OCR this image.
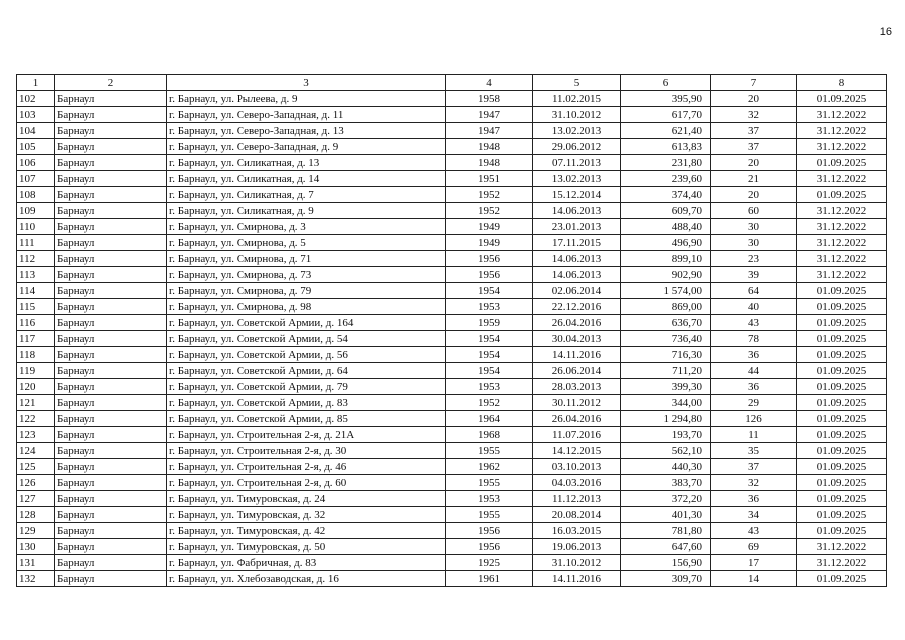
16
1	2	3	4	5	6	7	8
102	Барнаул	г. Барнаул, ул. Рылеева, д. 9	1958	11.02.2015	395,90	20	01.09.2025
103	Барнаул	г. Барнаул, ул. Северо-Западная, д. 11	1947	31.10.2012	617,70	32	31.12.2022
104	Барнаул	г. Барнаул, ул. Северо-Западная, д. 13	1947	13.02.2013	621,40	37	31.12.2022
105	Барнаул	г. Барнаул, ул. Северо-Западная, д. 9	1948	29.06.2012	613,83	37	31.12.2022
106	Барнаул	г. Барнаул, ул. Силикатная, д. 13	1948	07.11.2013	231,80	20	01.09.2025
107	Барнаул	г. Барнаул, ул. Силикатная, д. 14	1951	13.02.2013	239,60	21	31.12.2022
108	Барнаул	г. Барнаул, ул. Силикатная, д. 7	1952	15.12.2014	374,40	20	01.09.2025
109	Барнаул	г. Барнаул, ул. Силикатная, д. 9	1952	14.06.2013	609,70	60	31.12.2022
110	Барнаул	г. Барнаул, ул. Смирнова, д. 3	1949	23.01.2013	488,40	30	31.12.2022
111	Барнаул	г. Барнаул, ул. Смирнова, д. 5	1949	17.11.2015	496,90	30	31.12.2022
112	Барнаул	г. Барнаул, ул. Смирнова, д. 71	1956	14.06.2013	899,10	23	31.12.2022
113	Барнаул	г. Барнаул, ул. Смирнова, д. 73	1956	14.06.2013	902,90	39	31.12.2022
114	Барнаул	г. Барнаул, ул. Смирнова, д. 79	1954	02.06.2014	1 574,00	64	01.09.2025
115	Барнаул	г. Барнаул, ул. Смирнова, д. 98	1953	22.12.2016	869,00	40	01.09.2025
116	Барнаул	г. Барнаул, ул. Советской Армии, д. 164	1959	26.04.2016	636,70	43	01.09.2025
117	Барнаул	г. Барнаул, ул. Советской Армии, д. 54	1954	30.04.2013	736,40	78	01.09.2025
118	Барнаул	г. Барнаул, ул. Советской Армии, д. 56	1954	14.11.2016	716,30	36	01.09.2025
119	Барнаул	г. Барнаул, ул. Советской Армии, д. 64	1954	26.06.2014	711,20	44	01.09.2025
120	Барнаул	г. Барнаул, ул. Советской Армии, д. 79	1953	28.03.2013	399,30	36	01.09.2025
121	Барнаул	г. Барнаул, ул. Советской Армии, д. 83	1952	30.11.2012	344,00	29	01.09.2025
122	Барнаул	г. Барнаул, ул. Советской Армии, д. 85	1964	26.04.2016	1 294,80	126	01.09.2025
123	Барнаул	г. Барнаул, ул. Строительная 2-я, д. 21А	1968	11.07.2016	193,70	11	01.09.2025
124	Барнаул	г. Барнаул, ул. Строительная 2-я, д. 30	1955	14.12.2015	562,10	35	01.09.2025
125	Барнаул	г. Барнаул, ул. Строительная 2-я, д. 46	1962	03.10.2013	440,30	37	01.09.2025
126	Барнаул	г. Барнаул, ул. Строительная 2-я, д. 60	1955	04.03.2016	383,70	32	01.09.2025
127	Барнаул	г. Барнаул, ул. Тимуровская, д. 24	1953	11.12.2013	372,20	36	01.09.2025
128	Барнаул	г. Барнаул, ул. Тимуровская, д. 32	1955	20.08.2014	401,30	34	01.09.2025
129	Барнаул	г. Барнаул, ул. Тимуровская, д. 42	1956	16.03.2015	781,80	43	01.09.2025
130	Барнаул	г. Барнаул, ул. Тимуровская, д. 50	1956	19.06.2013	647,60	69	31.12.2022
131	Барнаул	г. Барнаул, ул. Фабричная, д. 83	1925	31.10.2012	156,90	17	31.12.2022
132	Барнаул	г. Барнаул, ул. Хлебозаводская, д. 16	1961	14.11.2016	309,70	14	01.09.2025
